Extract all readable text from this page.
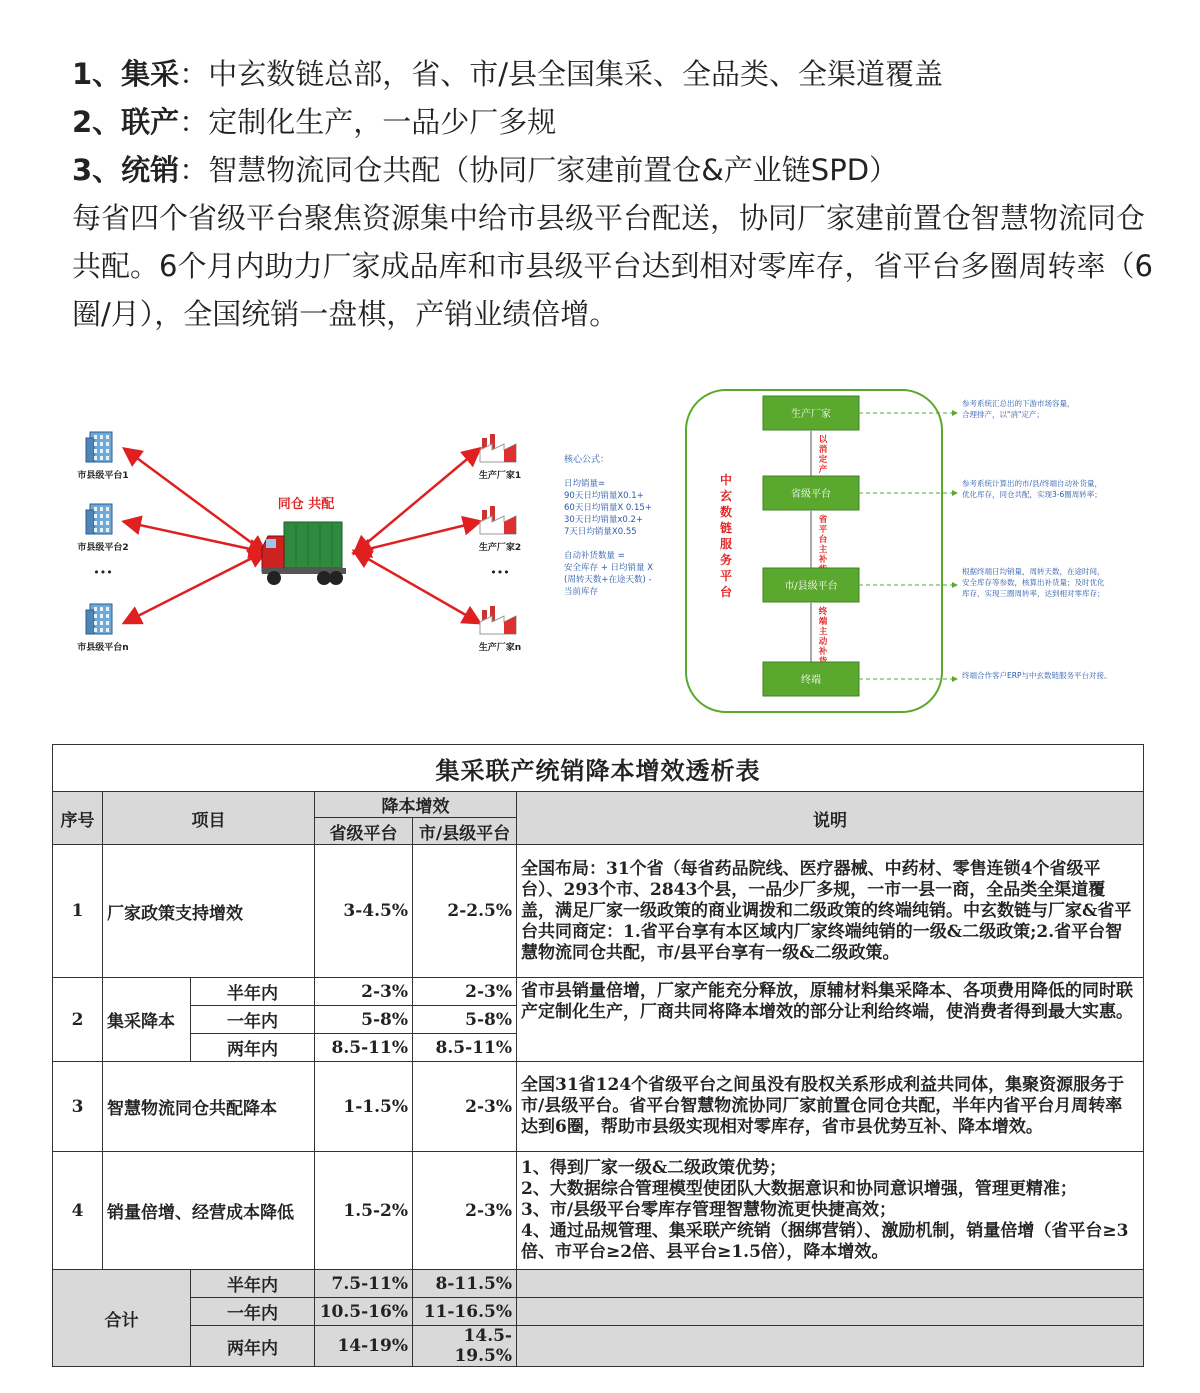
1、集采：中玄数链总部，省、市/县全国集采、全品类、全渠道覆盖
2、联产：定制化生产，一品少厂多规
3、统销：智慧物流同仓共配（协同厂家建前置仓&产业链SPD）
每省四个省级平台聚焦资源集中给市县级平台配送，协同厂家建前置仓智慧物流同仓共配。6个月内助力厂家成品库和市县级平台达到相对零库存，省平台多圈周转率（6圈/月），全国统销一盘棋，产销业绩倍增。
同仓 共配
市县级平台1
市县级平台2
市县级平台n
生产厂家1
生产厂家2
生产厂家n
•••	•••
核心公式：
日均销量=
90天日均销量X0.1+
60天日均销量X 0.15+
30天日均销量x0.2+
7天日均销量X0.55
自动补货数量 =
安全库存 + 日均销量 X
(周转天数+在途天数) -
当前库存
中
玄
数
链
服
务
平
台
生产厂家
以
消
定
产
省级平台
省
平
台
主
补
市/县级平台
终
端
主
动
补
终端
参考系统汇总出的下游市场容量，
合理排产，以"消"定产；
参考系统计算出的市/县/终端自动补货量，
优化库存，同仓共配，实现3-6圈周转率；
根据终端日均销量，周转天数，在途时间，
安全库存等参数，核算出补货量；及时优化
库存，实现三圈周转率，达到相对零库存；
终端合作客户ERP与中玄数链服务平台对接。
集采联产统销降本增效透析表					
序号	项目		降本增效		说明
			省级平台	市/县级平台	
1	厂家政策支持增效		3-4.5%	2-2.5%	全国布局：31个省（每省药品院线、医疗器械、中药材、零售连锁4个省级平台）、293个市、2843个县，一品少厂多规，一市一县一商，全品类全渠道覆盖，满足厂家一级政策的商业调拨和二级政策的终端纯销。中玄数链与厂家&省平台共同商定：1.省平台享有本区域内厂家终端纯销的一级&二级政策;2.省平台智慧物流同仓共配，市/县平台享有一级&二级政策。
2	集采降本	半年内	2-3%	2-3%	省市县销量倍增，厂家产能充分释放，原辅材料集采降本、各项费用降低的同时联产定制化生产，厂商共同将降本增效的部分让利给终端，使消费者得到最大实惠。
		一年内	5-8%	5-8%	
		两年内	8.5-11%	8.5-11%	
3	智慧物流同仓共配降本		1-1.5%	2-3%	全国31省124个省级平台之间虽没有股权关系形成利益共同体，集聚资源服务于市/县级平台。省平台智慧物流协同厂家前置仓同仓共配，半年内省平台月周转率达到6圈，帮助市县级实现相对零库存，省市县优势互补、降本增效。
4	销量倍增、经营成本降低		1.5-2%	2-3%	1、得到厂家一级&二级政策优势；
2、大数据综合管理模型使团队大数据意识和协同意识增强，管理更精准；
3、市/县级平台零库存管理智慧物流更快捷高效；
4、通过品规管理、集采联产统销（捆绑营销）、激励机制，销量倍增（省平台≥3倍、市平台≥2倍、县平台≥1.5倍），降本增效。

合计		半年内	7.5-11%	8-11.5%	
		一年内	10.5-16%	11-16.5%	
		两年内	14-19%	14.5-19.5%	
